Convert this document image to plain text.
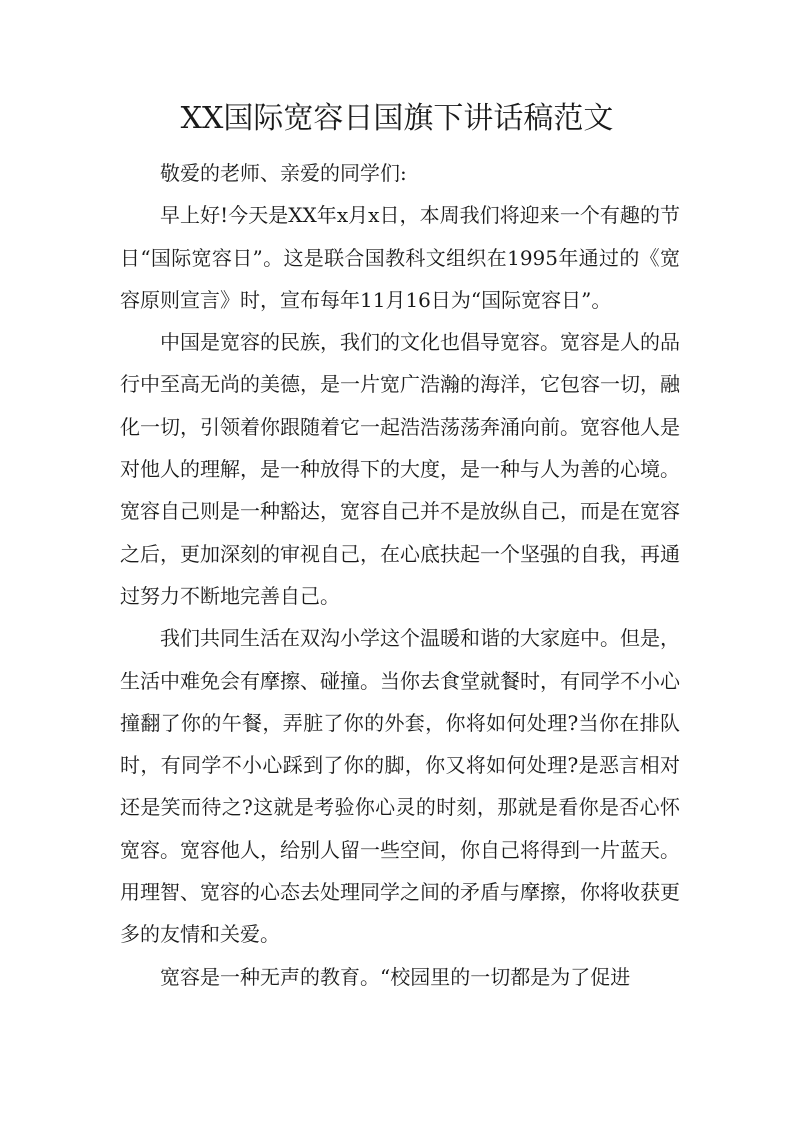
XX国际宽容日国旗下讲话稿范文

敬爱的老师、亲爱的同学们:

早上好!今天是XX年x月x日，本周我们将迎来一个有趣的节日“国际宽容日”。这是联合国教科文组织在1995年通过的《宽容原则宣言》时，宣布每年11月16日为“国际宽容日”。

中国是宽容的民族，我们的文化也倡导宽容。宽容是人的品行中至高无尚的美德，是一片宽广浩瀚的海洋，它包容一切，融化一切，引领着你跟随着它一起浩浩荡荡奔涌向前。宽容他人是对他人的理解，是一种放得下的大度，是一种与人为善的心境。宽容自己则是一种豁达，宽容自己并不是放纵自己，而是在宽容之后，更加深刻的审视自己，在心底扶起一个坚强的自我，再通过努力不断地完善自己。

我们共同生活在双沟小学这个温暖和谐的大家庭中。但是，生活中难免会有摩擦、碰撞。当你去食堂就餐时，有同学不小心撞翻了你的午餐，弄脏了你的外套，你将如何处理?当你在排队时，有同学不小心踩到了你的脚，你又将如何处理?是恶言相对还是笑而待之?这就是考验你心灵的时刻，那就是看你是否心怀宽容。宽容他人，给别人留一些空间，你自己将得到一片蓝天。用理智、宽容的心态去处理同学之间的矛盾与摩擦，你将收获更多的友情和关爱。

宽容是一种无声的教育。“校园里的一切都是为了促进
